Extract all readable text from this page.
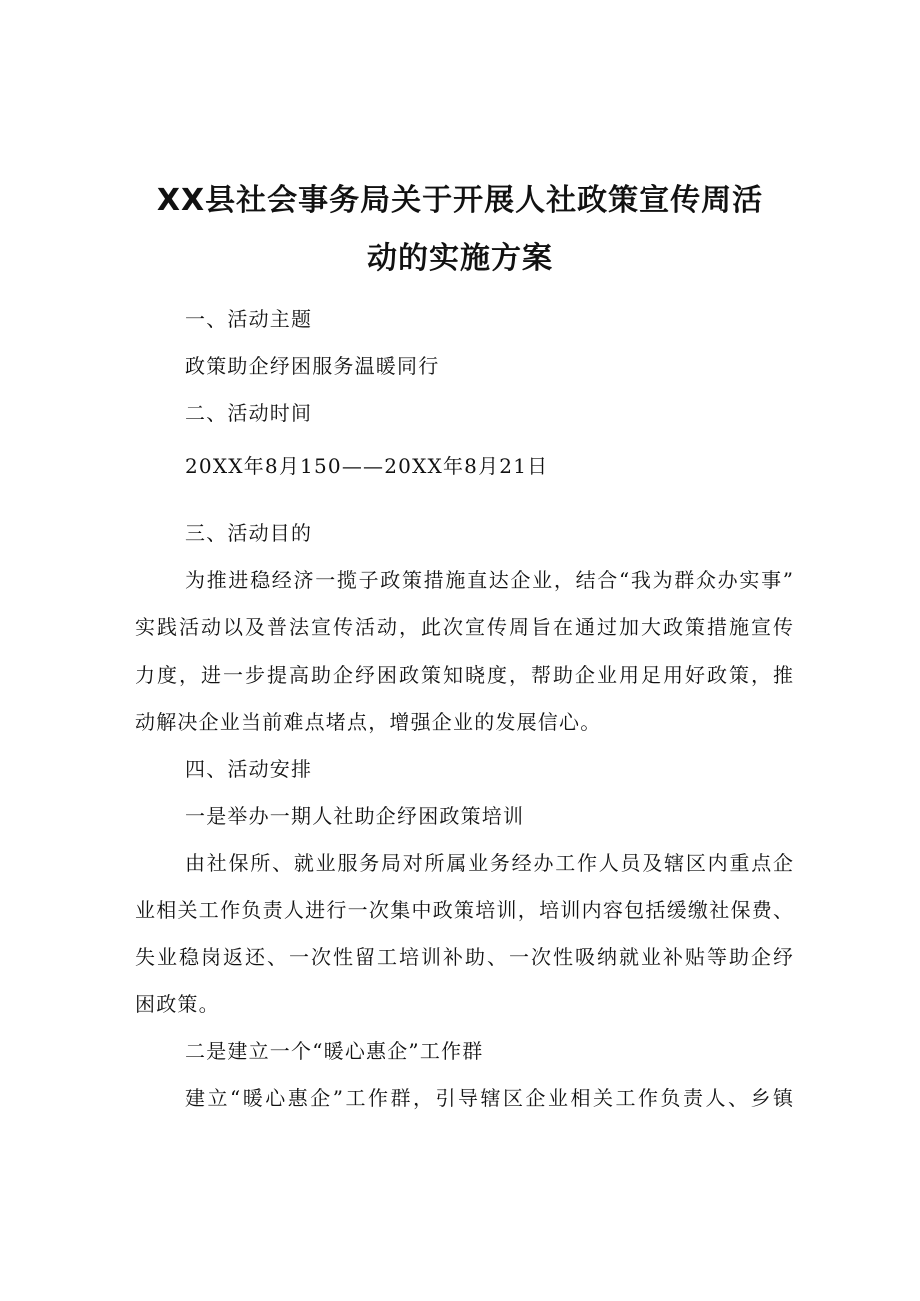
XX县社会事务局关于开展人社政策宣传周活
动的实施方案

一、活动主题

政策助企纾困服务温暖同行

二、活动时间

20XX年8月150——20XX年8月21日

三、活动目的

为推进稳经济一揽子政策措施直达企业，结合“我为群众办实事”

实践活动以及普法宣传活动，此次宣传周旨在通过加大政策措施宣传

力度，进一步提高助企纾困政策知晓度，帮助企业用足用好政策，推

动解决企业当前难点堵点，增强企业的发展信心。

四、活动安排

一是举办一期人社助企纾困政策培训

由社保所、就业服务局对所属业务经办工作人员及辖区内重点企

业相关工作负责人进行一次集中政策培训，培训内容包括缓缴社保费、

失业稳岗返还、一次性留工培训补助、一次性吸纳就业补贴等助企纾

困政策。

二是建立一个“暖心惠企”工作群

建立“暖心惠企”工作群，引导辖区企业相关工作负责人、乡镇
